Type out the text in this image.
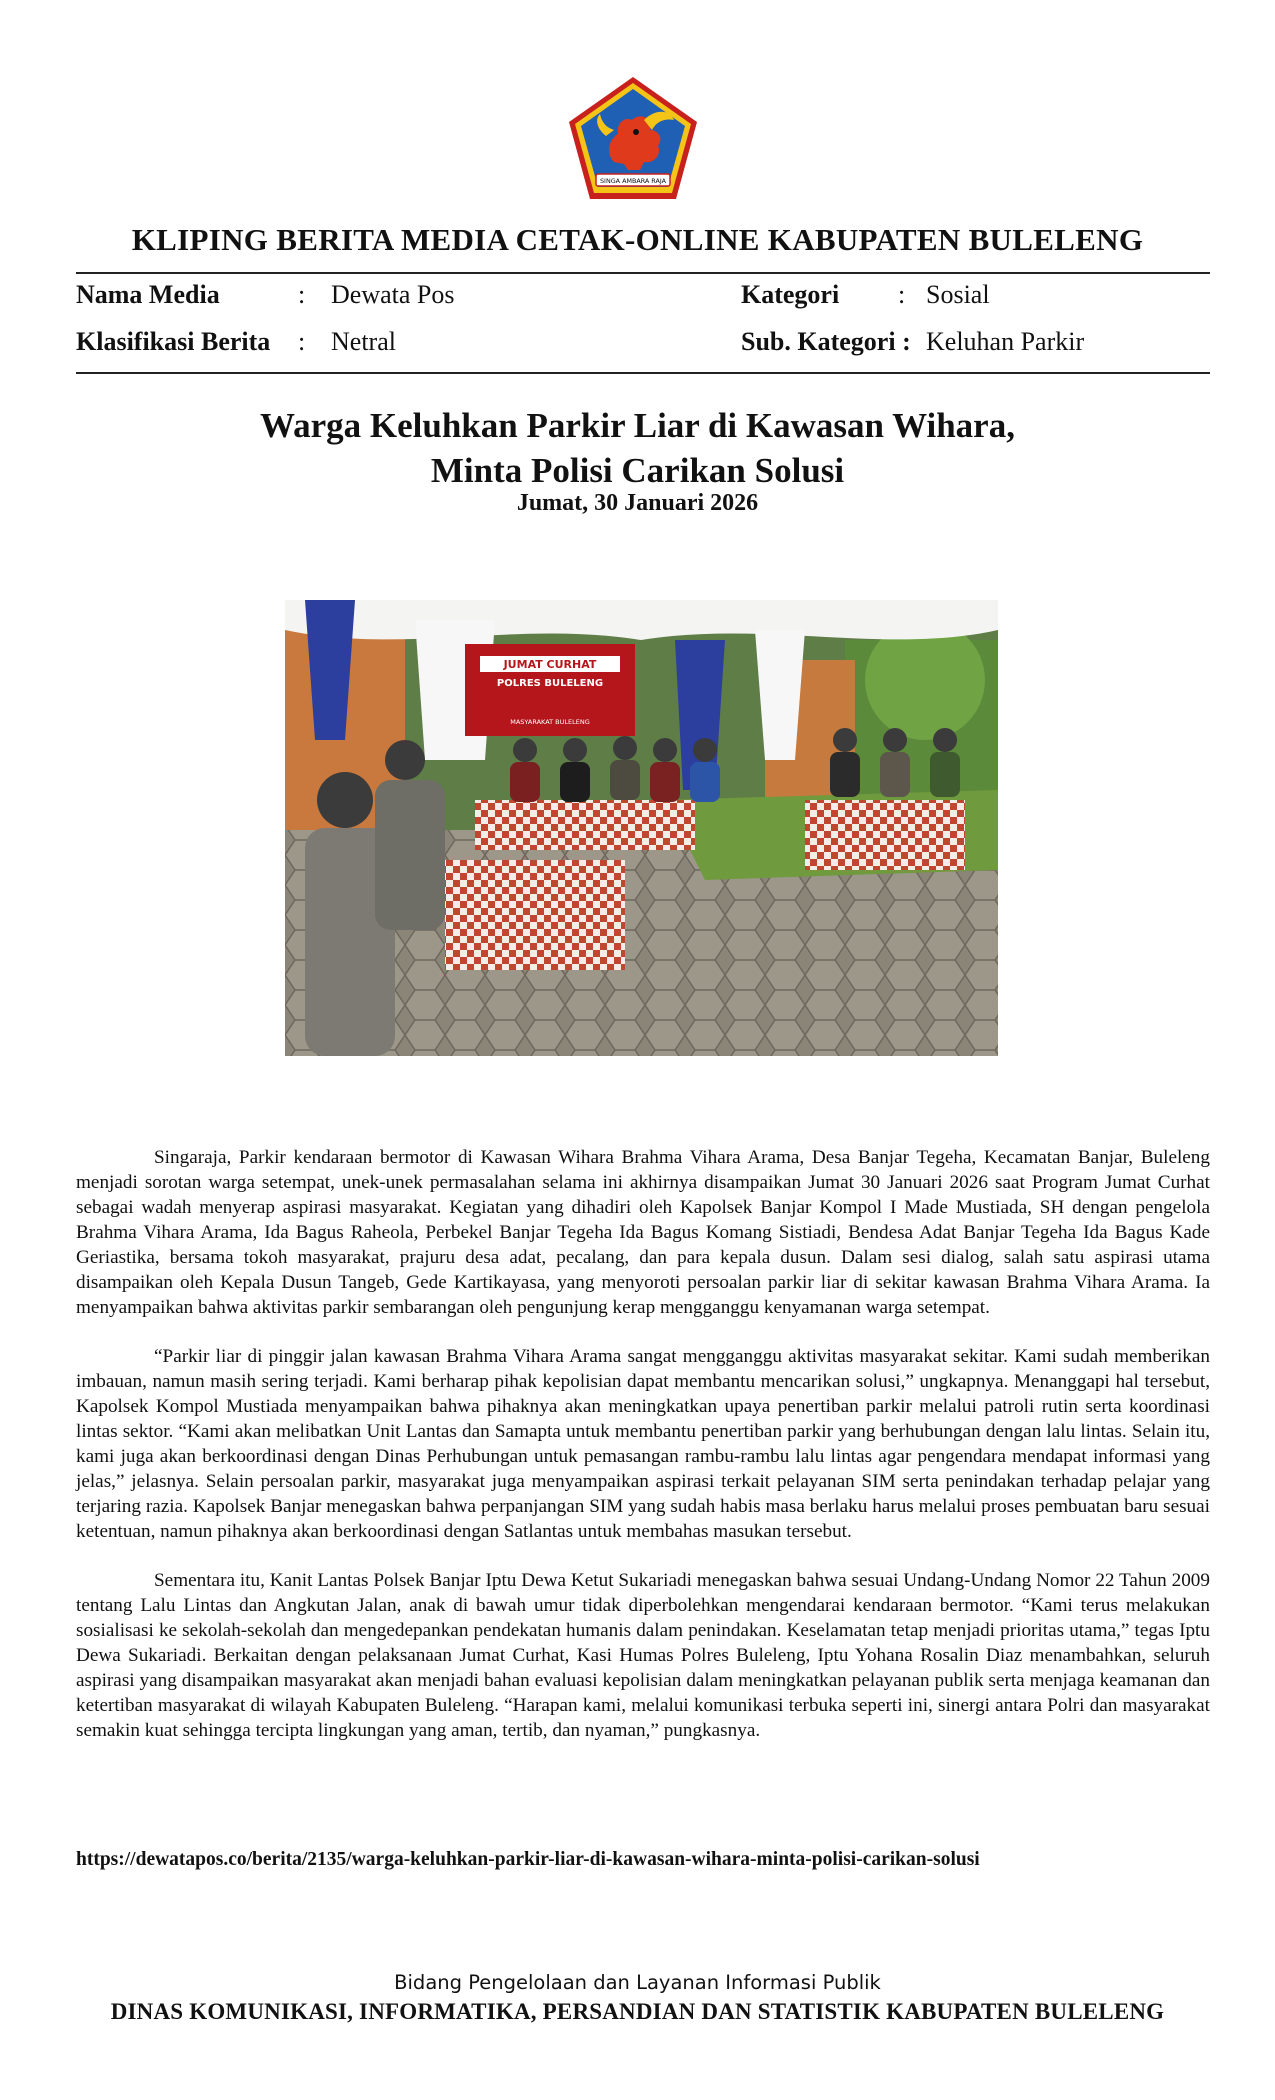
SINGA AMBARA RAJA
KLIPING BERITA MEDIA CETAK-ONLINE KABUPATEN BULELENG
Nama Media	: Dewata Pos	Kategori : Sosial
Klasifikasi Berita : Netral	Sub. Kategori : Keluhan Parkir
Warga Keluhkan Parkir Liar di Kawasan Wihara,
Minta Polisi Carikan Solusi
Jumat, 30 Januari 2026
JUMAT CURHAT
POLRES BULELENG
MASYARAKAT BULELENG

Singaraja, Parkir kendaraan bermotor di Kawasan Wihara Brahma Vihara Arama, Desa Banjar Tegeha, Kecamatan Banjar, Buleleng menjadi sorotan warga setempat, unek-unek permasalahan selama ini akhirnya disampaikan Jumat 30 Januari 2026 saat Program Jumat Curhat sebagai wadah menyerap aspirasi masyarakat. Kegiatan yang dihadiri oleh Kapolsek Banjar Kompol I Made Mustiada, SH dengan pengelola Brahma Vihara Arama, Ida Bagus Raheola, Perbekel Banjar Tegeha Ida Bagus Komang Sistiadi, Bendesa Adat Banjar Tegeha Ida Bagus Kade Geriastika, bersama tokoh masyarakat, prajuru desa adat, pecalang, dan para kepala dusun. Dalam sesi dialog, salah satu aspirasi utama disampaikan oleh Kepala Dusun Tangeb, Gede Kartikayasa, yang menyoroti persoalan parkir liar di sekitar kawasan Brahma Vihara Arama. Ia menyampaikan bahwa aktivitas parkir sembarangan oleh pengunjung kerap mengganggu kenyamanan warga setempat.

“Parkir liar di pinggir jalan kawasan Brahma Vihara Arama sangat mengganggu aktivitas masyarakat sekitar. Kami sudah memberikan imbauan, namun masih sering terjadi. Kami berharap pihak kepolisian dapat membantu mencarikan solusi,” ungkapnya. Menanggapi hal tersebut, Kapolsek Kompol Mustiada menyampaikan bahwa pihaknya akan meningkatkan upaya penertiban parkir melalui patroli rutin serta koordinasi lintas sektor. “Kami akan melibatkan Unit Lantas dan Samapta untuk membantu penertiban parkir yang berhubungan dengan lalu lintas. Selain itu, kami juga akan berkoordinasi dengan Dinas Perhubungan untuk pemasangan rambu-rambu lalu lintas agar pengendara mendapat informasi yang jelas,” jelasnya. Selain persoalan parkir, masyarakat juga menyampaikan aspirasi terkait pelayanan SIM serta penindakan terhadap pelajar yang terjaring razia. Kapolsek Banjar menegaskan bahwa perpanjangan SIM yang sudah habis masa berlaku harus melalui proses pembuatan baru sesuai ketentuan, namun pihaknya akan berkoordinasi dengan Satlantas untuk membahas masukan tersebut.

Sementara itu, Kanit Lantas Polsek Banjar Iptu Dewa Ketut Sukariadi menegaskan bahwa sesuai Undang-Undang Nomor 22 Tahun 2009 tentang Lalu Lintas dan Angkutan Jalan, anak di bawah umur tidak diperbolehkan mengendarai kendaraan bermotor. “Kami terus melakukan sosialisasi ke sekolah-sekolah dan mengedepankan pendekatan humanis dalam penindakan. Keselamatan tetap menjadi prioritas utama,” tegas Iptu Dewa Sukariadi. Berkaitan dengan pelaksanaan Jumat Curhat, Kasi Humas Polres Buleleng, Iptu Yohana Rosalin Diaz menambahkan, seluruh aspirasi yang disampaikan masyarakat akan menjadi bahan evaluasi kepolisian dalam meningkatkan pelayanan publik serta menjaga keamanan dan ketertiban masyarakat di wilayah Kabupaten Buleleng. “Harapan kami, melalui komunikasi terbuka seperti ini, sinergi antara Polri dan masyarakat semakin kuat sehingga tercipta lingkungan yang aman, tertib, dan nyaman,” pungkasnya.

https://dewatapos.co/berita/2135/warga-keluhkan-parkir-liar-di-kawasan-wihara-minta-polisi-carikan-solusi
Bidang Pengelolaan dan Layanan Informasi Publik
DINAS KOMUNIKASI, INFORMATIKA, PERSANDIAN DAN STATISTIK KABUPATEN BULELENG
